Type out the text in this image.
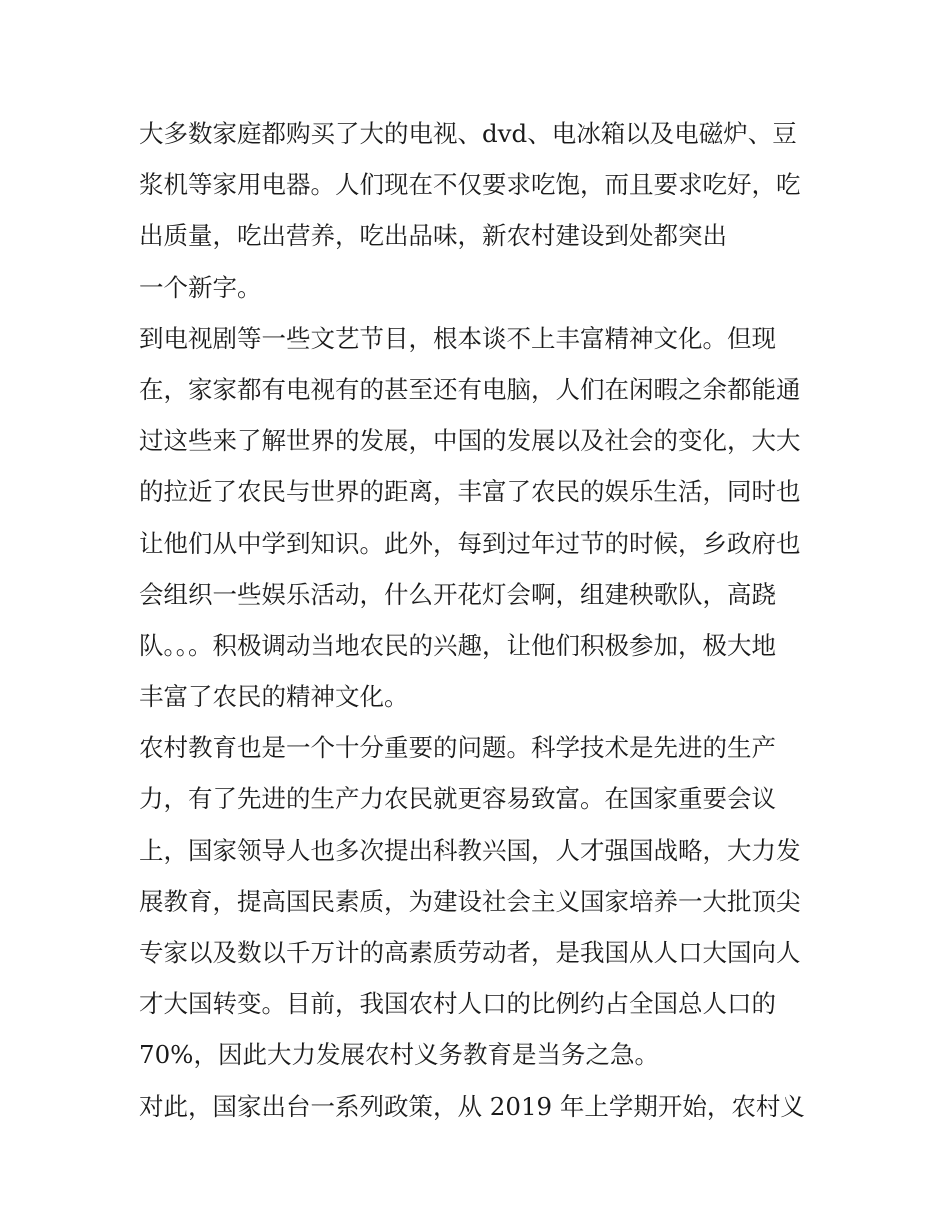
大多数家庭都购买了大的电视、dvd、电冰箱以及电磁炉、豆
浆机等家用电器。人们现在不仅要求吃饱，而且要求吃好，吃
出质量，吃出营养，吃出品味，新农村建设到处都突出
一个新字。
到电视剧等一些文艺节目，根本谈不上丰富精神文化。但现
在，家家都有电视有的甚至还有电脑，人们在闲暇之余都能通
过这些来了解世界的发展，中国的发展以及社会的变化，大大
的拉近了农民与世界的距离，丰富了农民的娱乐生活，同时也
让他们从中学到知识。此外，每到过年过节的时候，乡政府也
会组织一些娱乐活动，什么开花灯会啊，组建秧歌队，高跷
队。。。积极调动当地农民的兴趣，让他们积极参加，极大地
丰富了农民的精神文化。
农村教育也是一个十分重要的问题。科学技术是先进的生产
力，有了先进的生产力农民就更容易致富。在国家重要会议
上，国家领导人也多次提出科教兴国，人才强国战略，大力发
展教育，提高国民素质，为建设社会主义国家培养一大批顶尖
专家以及数以千万计的高素质劳动者，是我国从人口大国向人
才大国转变。目前，我国农村人口的比例约占全国总人口的
70%，因此大力发展农村义务教育是当务之急。
对此，国家出台一系列政策，从 2019 年上学期开始，农村义
